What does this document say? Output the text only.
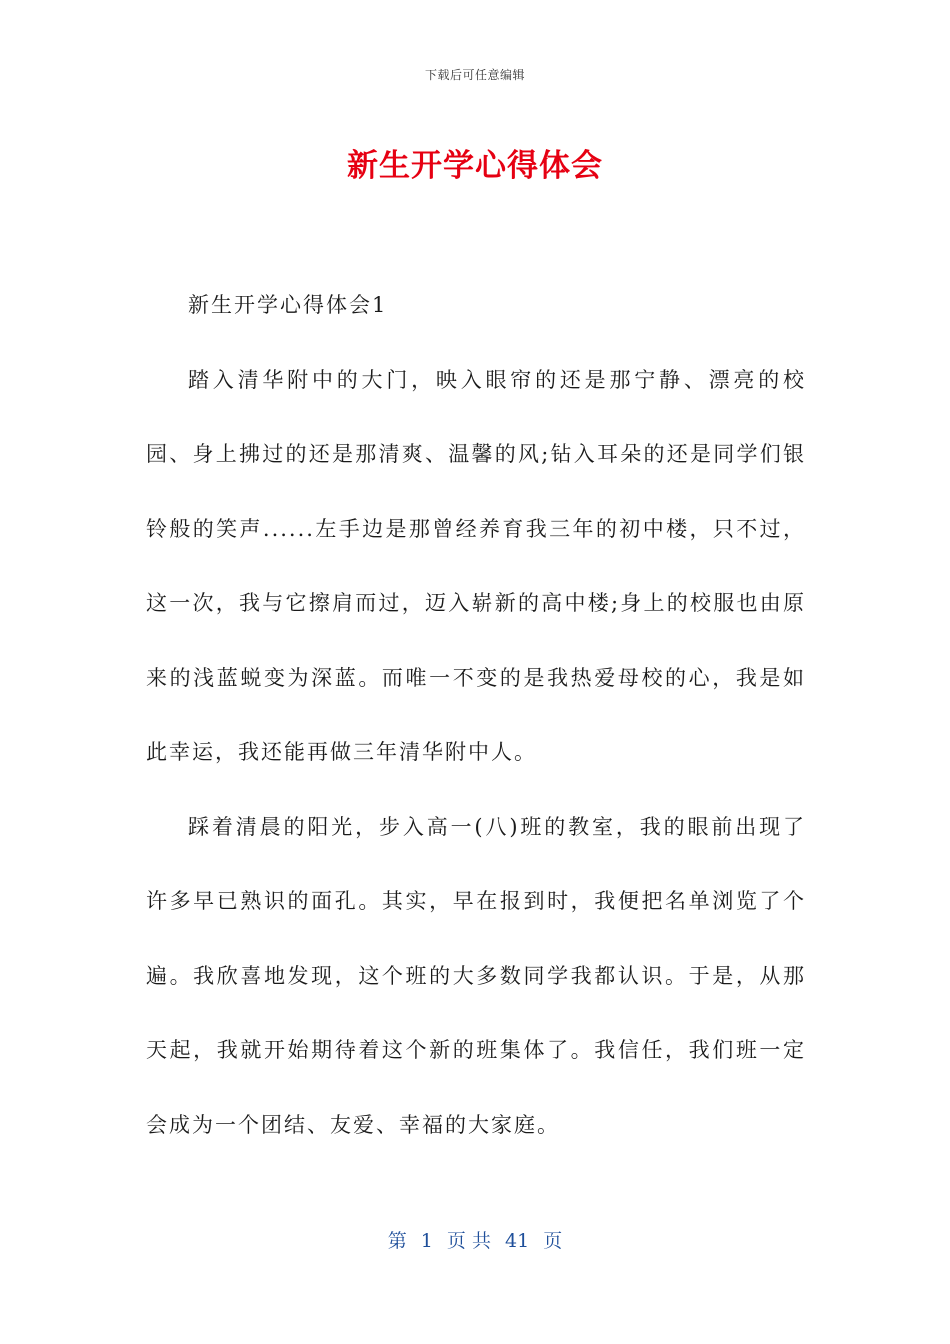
下载后可任意编辑
新生开学心得体会

新生开学心得体会1

踏入清华附中的大门，映入眼帘的还是那宁静、漂亮的校园、身上拂过的还是那清爽、温馨的风;钻入耳朵的还是同学们银铃般的笑声......左手边是那曾经养育我三年的初中楼，只不过，这一次，我与它擦肩而过，迈入崭新的高中楼;身上的校服也由原来的浅蓝蜕变为深蓝。而唯一不变的是我热爱母校的心，我是如此幸运，我还能再做三年清华附中人。

踩着清晨的阳光，步入高一(八)班的教室，我的眼前出现了许多早已熟识的面孔。其实，早在报到时，我便把名单浏览了个遍。我欣喜地发现，这个班的大多数同学我都认识。于是，从那天起，我就开始期待着这个新的班集体了。我信任，我们班一定会成为一个团结、友爱、幸福的大家庭。

第 1 页 共 41 页
